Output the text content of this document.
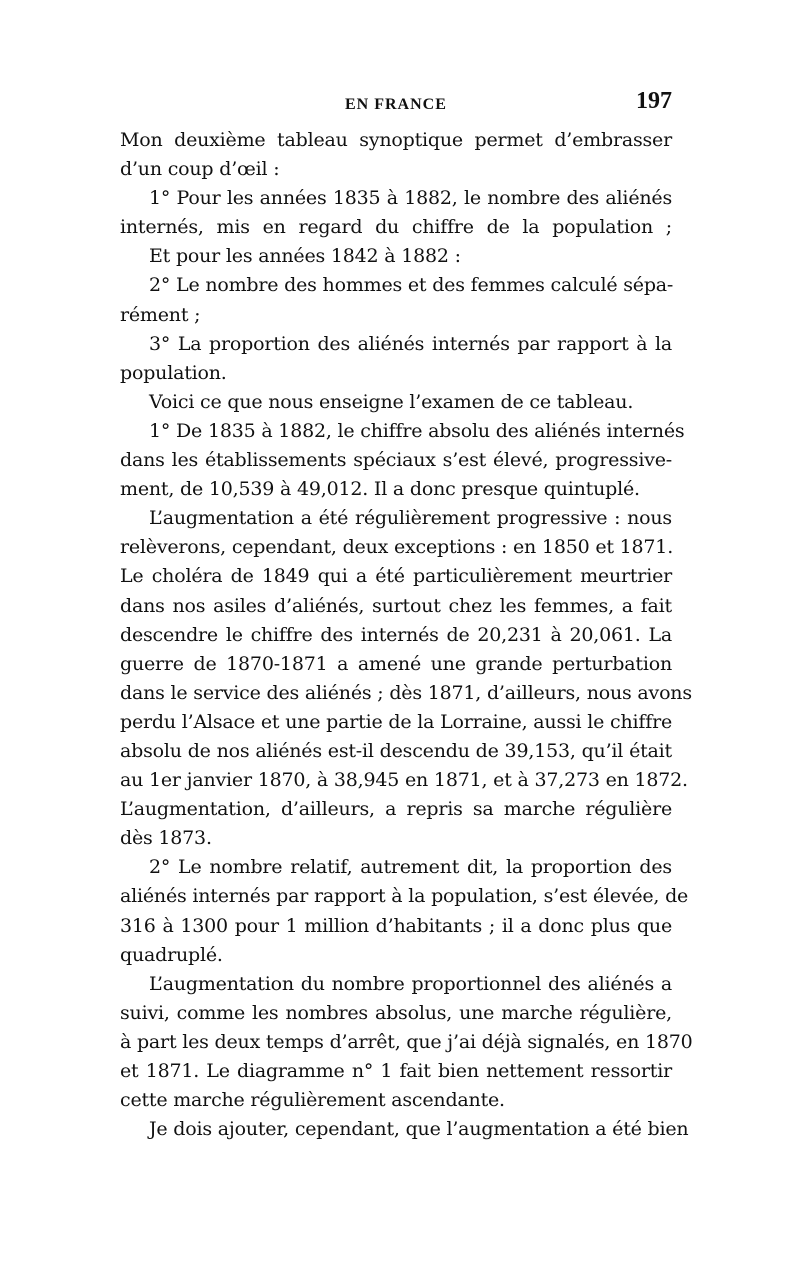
EN FRANCE	197
Mon deuxième tableau synoptique permet d’embrasser
d’un coup d’œil :
1° Pour les années 1835 à 1882, le nombre des aliénés
internés, mis en regard du chiffre de la population ;
Et pour les années 1842 à 1882 :
2° Le nombre des hommes et des femmes calculé sépa-
rément ;
3° La proportion des aliénés internés par rapport à la
population.
Voici ce que nous enseigne l’examen de ce tableau.
1° De 1835 à 1882, le chiffre absolu des aliénés internés
dans les établissements spéciaux s’est élevé, progressive-
ment, de 10,539 à 49,012. Il a donc presque quintuplé.
L’augmentation a été régulièrement progressive : nous
relèverons, cependant, deux exceptions : en 1850 et 1871.
Le choléra de 1849 qui a été particulièrement meurtrier
dans nos asiles d’aliénés, surtout chez les femmes, a fait
descendre le chiffre des internés de 20,231 à 20,061. La
guerre de 1870-1871 a amené une grande perturbation
dans le service des aliénés ; dès 1871, d’ailleurs, nous avons
perdu l’Alsace et une partie de la Lorraine, aussi le chiffre
absolu de nos aliénés est-il descendu de 39,153, qu’il était
au 1er janvier 1870, à 38,945 en 1871, et à 37,273 en 1872.
L’augmentation, d’ailleurs, a repris sa marche régulière
dès 1873.
2° Le nombre relatif, autrement dit, la proportion des
aliénés internés par rapport à la population, s’est élevée, de
316 à 1300 pour 1 million d’habitants ; il a donc plus que
quadruplé.
L’augmentation du nombre proportionnel des aliénés a
suivi, comme les nombres absolus, une marche régulière,
à part les deux temps d’arrêt, que j’ai déjà signalés, en 1870
et 1871. Le diagramme n° 1 fait bien nettement ressortir
cette marche régulièrement ascendante.
Je dois ajouter, cependant, que l’augmentation a été bien
